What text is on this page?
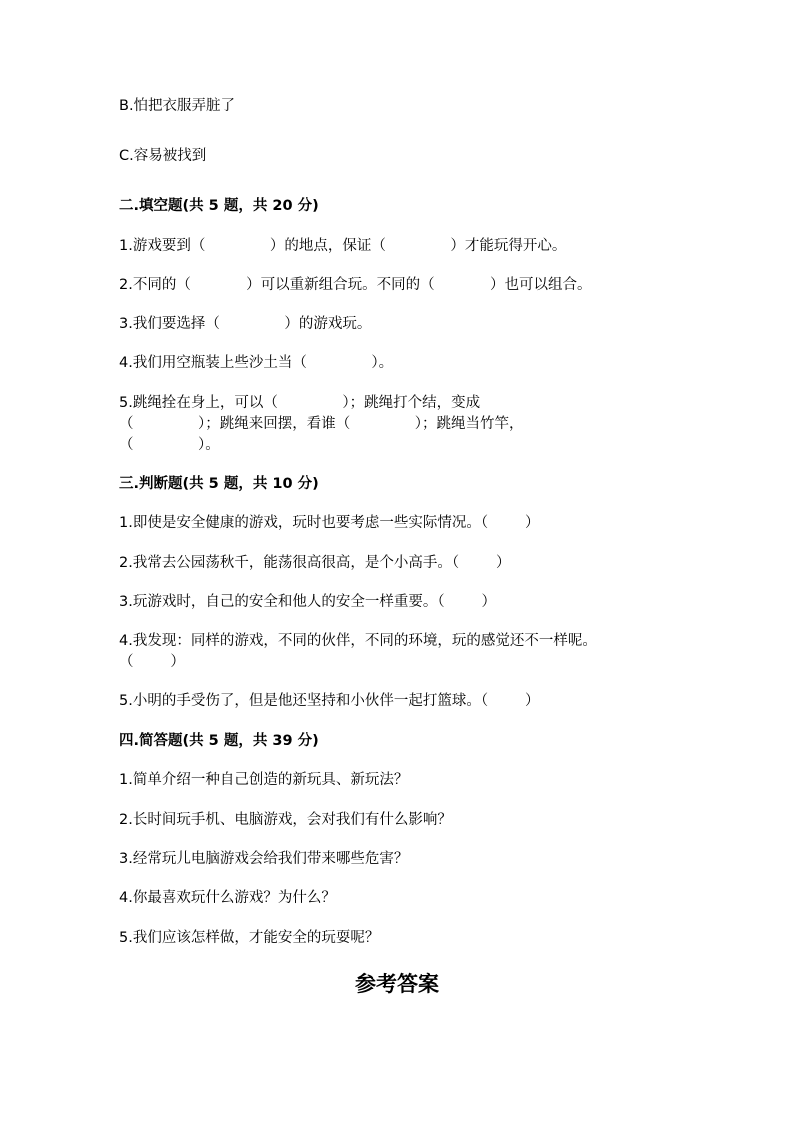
B.怕把衣服弄脏了
C.容易被找到
二.填空题(共 5 题，共 20 分)
1.游戏要到（              ）的地点，保证（              ）才能玩得开心。
2.不同的（            ）可以重新组合玩。不同的（            ）也可以组合。
3.我们要选择（              ）的游戏玩。
4.我们用空瓶装上些沙土当（              ）。
5.跳绳拴在身上，可以（              ）；跳绳打个结，变成
（              ）；跳绳来回摆，看谁（              ）；跳绳当竹竿，
（              ）。
三.判断题(共 5 题，共 10 分)
1.即使是安全健康的游戏，玩时也要考虑一些实际情况。（        ）
2.我常去公园荡秋千，能荡很高很高，是个小高手。（        ）
3.玩游戏时，自己的安全和他人的安全一样重要。（        ）
4.我发现：同样的游戏，不同的伙伴，不同的环境，玩的感觉还不一样呢。
（        ）
5.小明的手受伤了，但是他还坚持和小伙伴一起打篮球。（        ）
四.简答题(共 5 题，共 39 分)
1.简单介绍一种自己创造的新玩具、新玩法？
2.长时间玩手机、电脑游戏，会对我们有什么影响？
3.经常玩儿电脑游戏会给我们带来哪些危害？
4.你最喜欢玩什么游戏？为什么？
5.我们应该怎样做，才能安全的玩耍呢？
参考答案
